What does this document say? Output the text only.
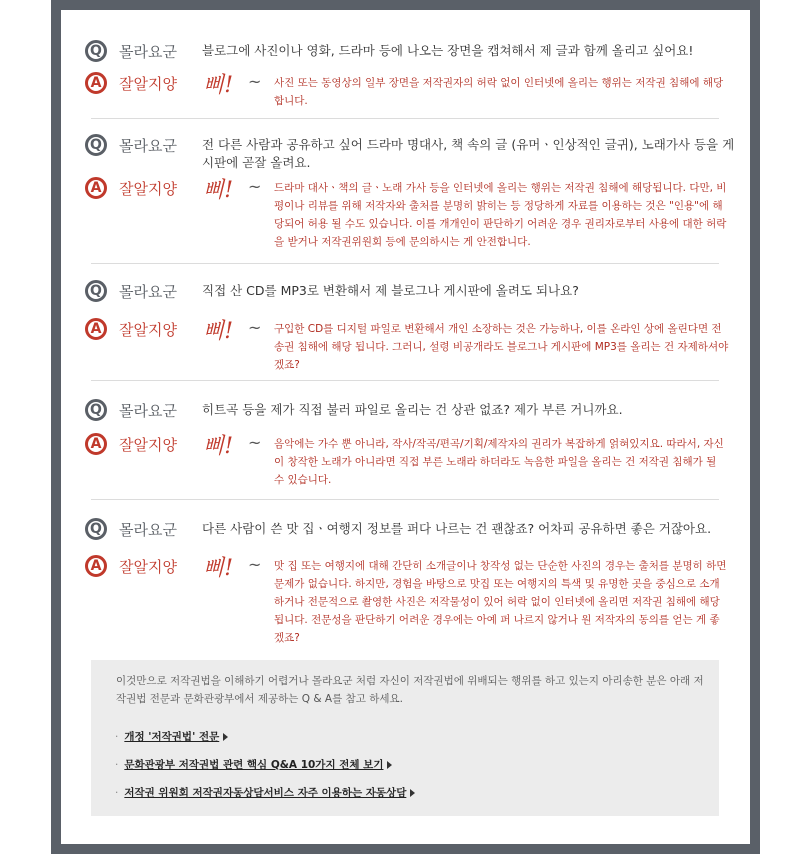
Q 몰라요군 블로그에 사진이나 영화, 드라마 등에 나오는 장면을 캡쳐해서 제 글과 함께 올리고 싶어요!
A 잘알지양 삐! ~ 사진 또는 동영상의 일부 장면을 저작권자의 허락 없이 인터넷에 올리는 행위는 저작권 침해에 해당합니다.
Q 몰라요군 전 다른 사람과 공유하고 싶어 드라마 명대사, 책 속의 글 (유머ㆍ인상적인 글귀), 노래가사 등을 게시판에 곧잘 올려요.
A 잘알지양 삐! ~ 드라마 대사ㆍ책의 글ㆍ노래 가사 등을 인터넷에 올리는 행위는 저작권 침해에 해당됩니다. 다만, 비평이나 리뷰를 위해 저작자와 출처를 분명히 밝히는 등 정당하게 자료를 이용하는 것은 "인용"에 해당되어 허용 될 수도 있습니다. 이를 개개인이 판단하기 어려운 경우 권리자로부터 사용에 대한 허락을 받거나 저작권위원회 등에 문의하시는 게 안전합니다.
Q 몰라요군 직접 산 CD를 MP3로 변환해서 제 블로그나 게시판에 올려도 되나요?
A 잘알지양 삐! ~ 구입한 CD를 디지털 파일로 변환해서 개인 소장하는 것은 가능하나, 이를 온라인 상에 올린다면 전송권 침해에 해당 됩니다. 그러니, 설령 비공개라도 블로그나 게시판에 MP3를 올리는 건 자제하셔야겠죠?
Q 몰라요군 히트곡 등을 제가 직접 불러 파일로 올리는 건 상관 없죠? 제가 부른 거니까요.
A 잘알지양 삐! ~ 음악에는 가수 뿐 아니라, 작사/작곡/편곡/기획/제작자의 권리가 복잡하게 얽혀있지요. 따라서, 자신이 창작한 노래가 아니라면 직접 부른 노래라 하더라도 녹음한 파일을 올리는 건 저작권 침해가 될 수 있습니다.
Q 몰라요군 다른 사람이 쓴 맛 집ㆍ여행지 정보를 퍼다 나르는 건 괜찮죠? 어차피 공유하면 좋은 거잖아요.
A 잘알지양 삐! ~ 맛 집 또는 여행지에 대해 간단히 소개글이나 창작성 없는 단순한 사진의 경우는 출처를 분명히 하면 문제가 없습니다. 하지만, 경험을 바탕으로 맛집 또는 여행지의 특색 및 유명한 곳을 중심으로 소개하거나 전문적으로 촬영한 사진은 저작물성이 있어 허락 없이 인터넷에 올리면 저작권 침해에 해당됩니다. 전문성을 판단하기 어려운 경우에는 아예 퍼 나르지 않거나 원 저작자의 동의를 얻는 게 좋겠죠?
이것만으로 저작권법을 이해하기 어렵거나 몰라요군 처럼 자신이 저작권법에 위배되는 행위를 하고 있는지 아리송한 분은 아래 저작권법 전문과 문화관광부에서 제공하는 Q & A를 참고 하세요.
· 개정 '저작권법' 전문
· 문화관광부 저작권법 관련 핵심 Q&A 10가지 전체 보기
· 저작권 위원회 저작권자동상담서비스 자주 이용하는 자동상담
